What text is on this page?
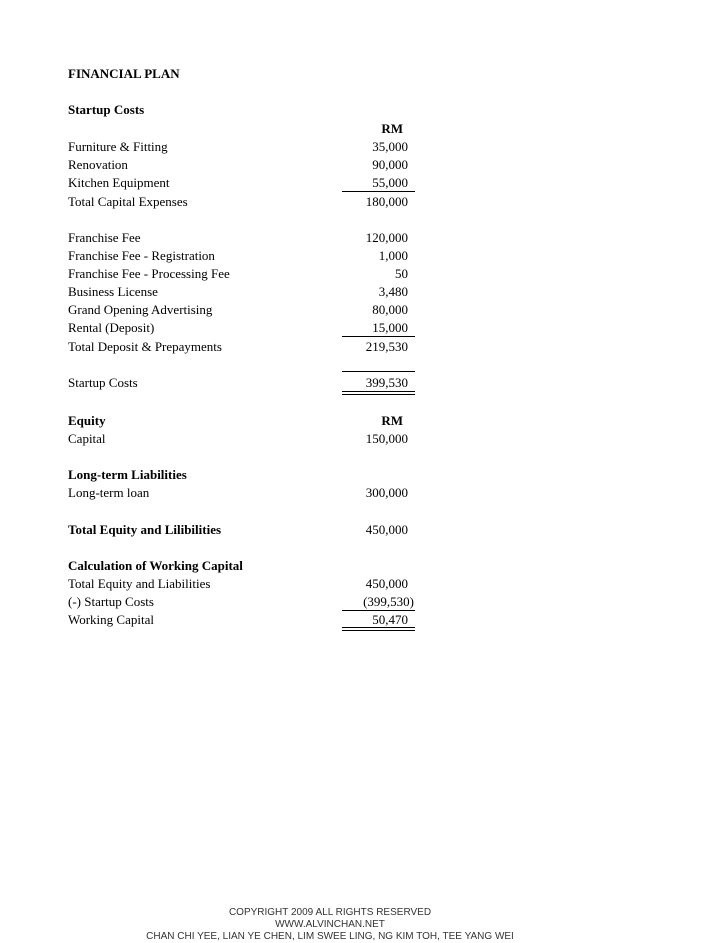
FINANCIAL PLAN
Startup Costs
RM
Furniture & Fitting	35,000
Renovation	90,000
Kitchen Equipment	55,000
Total Capital Expenses	180,000
Franchise Fee	120,000
Franchise Fee - Registration	1,000
Franchise Fee - Processing Fee	50
Business License	3,480
Grand Opening Advertising	80,000
Rental (Deposit)	15,000
Total Deposit & Prepayments	219,530
Startup Costs	399,530
Equity	RM
Capital	150,000
Long-term Liabilities
Long-term loan	300,000
Total Equity and Lilibilities	450,000
Calculation of Working Capital
Total Equity and Liabilities	450,000
(-) Startup Costs	(399,530)
Working Capital	50,470
COPYRIGHT 2009 ALL RIGHTS RESERVED
WWW.ALVINCHAN.NET
CHAN CHI YEE, LIAN YE CHEN, LIM SWEE LING, NG KIM TOH, TEE YANG WEI
